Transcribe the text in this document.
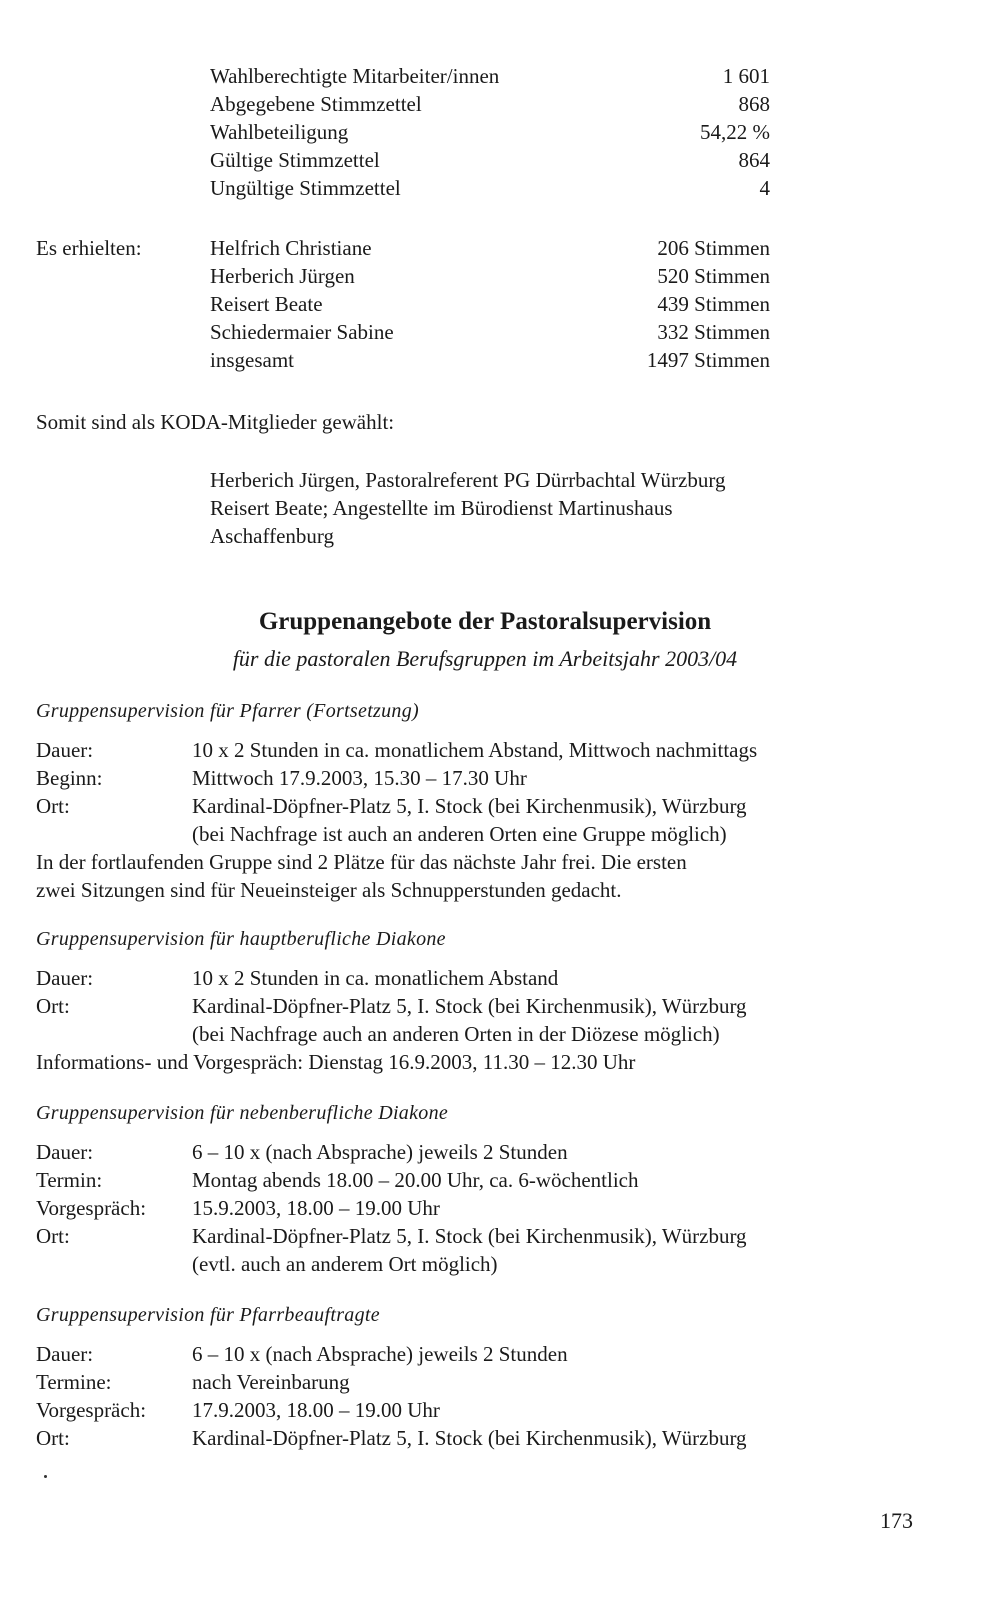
Wahlberechtigte Mitarbeiter/innen	1 601
Abgegebene Stimmzettel	868
Wahlbeteiligung	54,22 %
Gültige Stimmzettel	864
Ungültige Stimmzettel	4
Es erhielten:	Helfrich Christiane	206 Stimmen
Herberich Jürgen	520 Stimmen
Reisert Beate	439 Stimmen
Schiedermaier Sabine	332 Stimmen
insgesamt	1497 Stimmen
Somit sind als KODA-Mitglieder gewählt:
Herberich Jürgen, Pastoralreferent PG Dürrbachtal Würzburg
Reisert Beate; Angestellte im Bürodienst Martinushaus
Aschaffenburg
Gruppenangebote der Pastoralsupervision
für die pastoralen Berufsgruppen im Arbeitsjahr 2003/04
Gruppensupervision für Pfarrer (Fortsetzung)
Dauer:	10 x 2 Stunden in ca. monatlichem Abstand, Mittwoch nachmittags
Beginn:	Mittwoch 17.9.2003, 15.30 – 17.30 Uhr
Ort:	Kardinal-Döpfner-Platz 5, I. Stock (bei Kirchenmusik), Würzburg
(bei Nachfrage ist auch an anderen Orten eine Gruppe möglich)
In der fortlaufenden Gruppe sind 2 Plätze für das nächste Jahr frei. Die ersten
zwei Sitzungen sind für Neueinsteiger als Schnupperstunden gedacht.
Gruppensupervision für hauptberufliche Diakone
Dauer:	10 x 2 Stunden in ca. monatlichem Abstand
Ort:	Kardinal-Döpfner-Platz 5, I. Stock (bei Kirchenmusik), Würzburg
(bei Nachfrage auch an anderen Orten in der Diözese möglich)
Informations- und Vorgespräch: Dienstag 16.9.2003, 11.30 – 12.30 Uhr
Gruppensupervision für nebenberufliche Diakone
Dauer:	6 – 10 x (nach Absprache) jeweils 2 Stunden
Termin:	Montag abends 18.00 – 20.00 Uhr, ca. 6-wöchentlich
Vorgespräch: 15.9.2003, 18.00 – 19.00 Uhr
Ort:	Kardinal-Döpfner-Platz 5, I. Stock (bei Kirchenmusik), Würzburg
(evtl. auch an anderem Ort möglich)
Gruppensupervision für Pfarrbeauftragte
Dauer:	6 – 10 x (nach Absprache) jeweils 2 Stunden
Termine:	nach Vereinbarung
Vorgespräch: 17.9.2003, 18.00 – 19.00 Uhr
Ort:	Kardinal-Döpfner-Platz 5, I. Stock (bei Kirchenmusik), Würzburg
173
